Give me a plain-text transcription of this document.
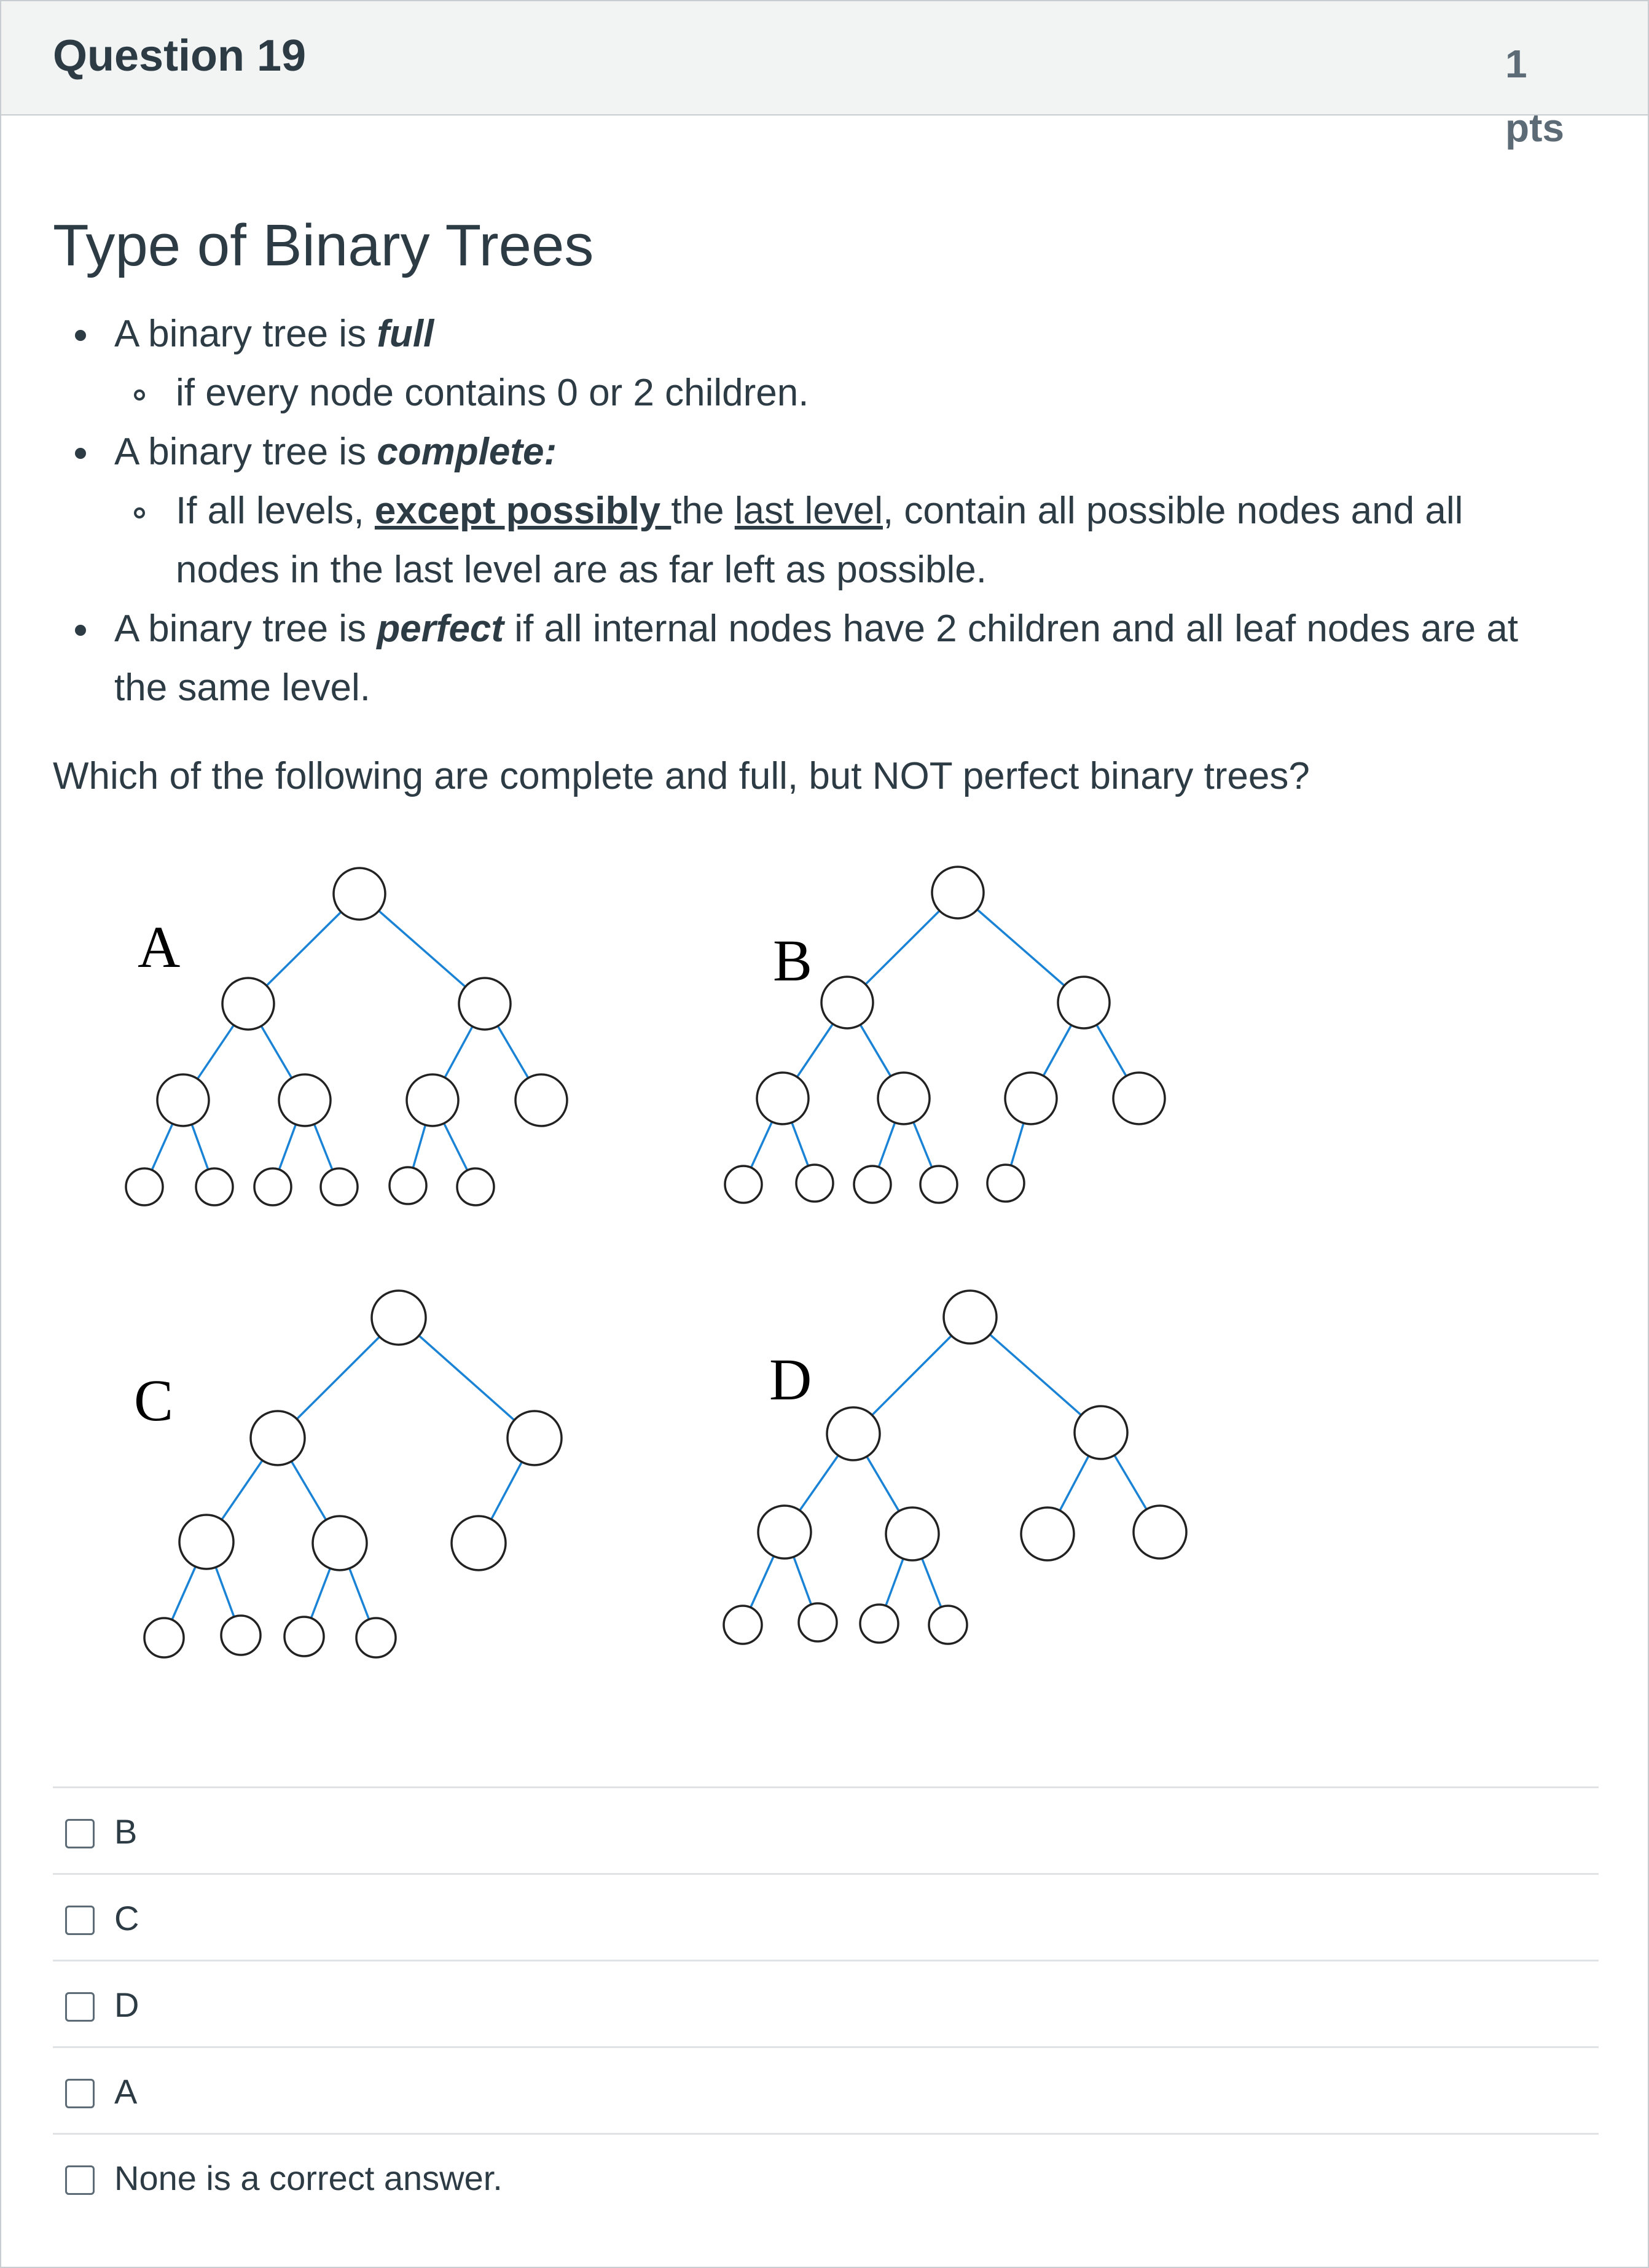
Question 19	1 pts
Type of Binary Trees
A binary tree is full
if every node contains 0 or 2 children.
A binary tree is complete:
If all levels, except possibly the last level, contain all possible nodes and all
nodes in the last level are as far left as possible.
A binary tree is perfect if all internal nodes have 2 children and all leaf nodes are at
the same level.
Which of the following are complete and full, but NOT perfect binary trees?
A	B
C	D
B
C
D
A
None is a correct answer.
